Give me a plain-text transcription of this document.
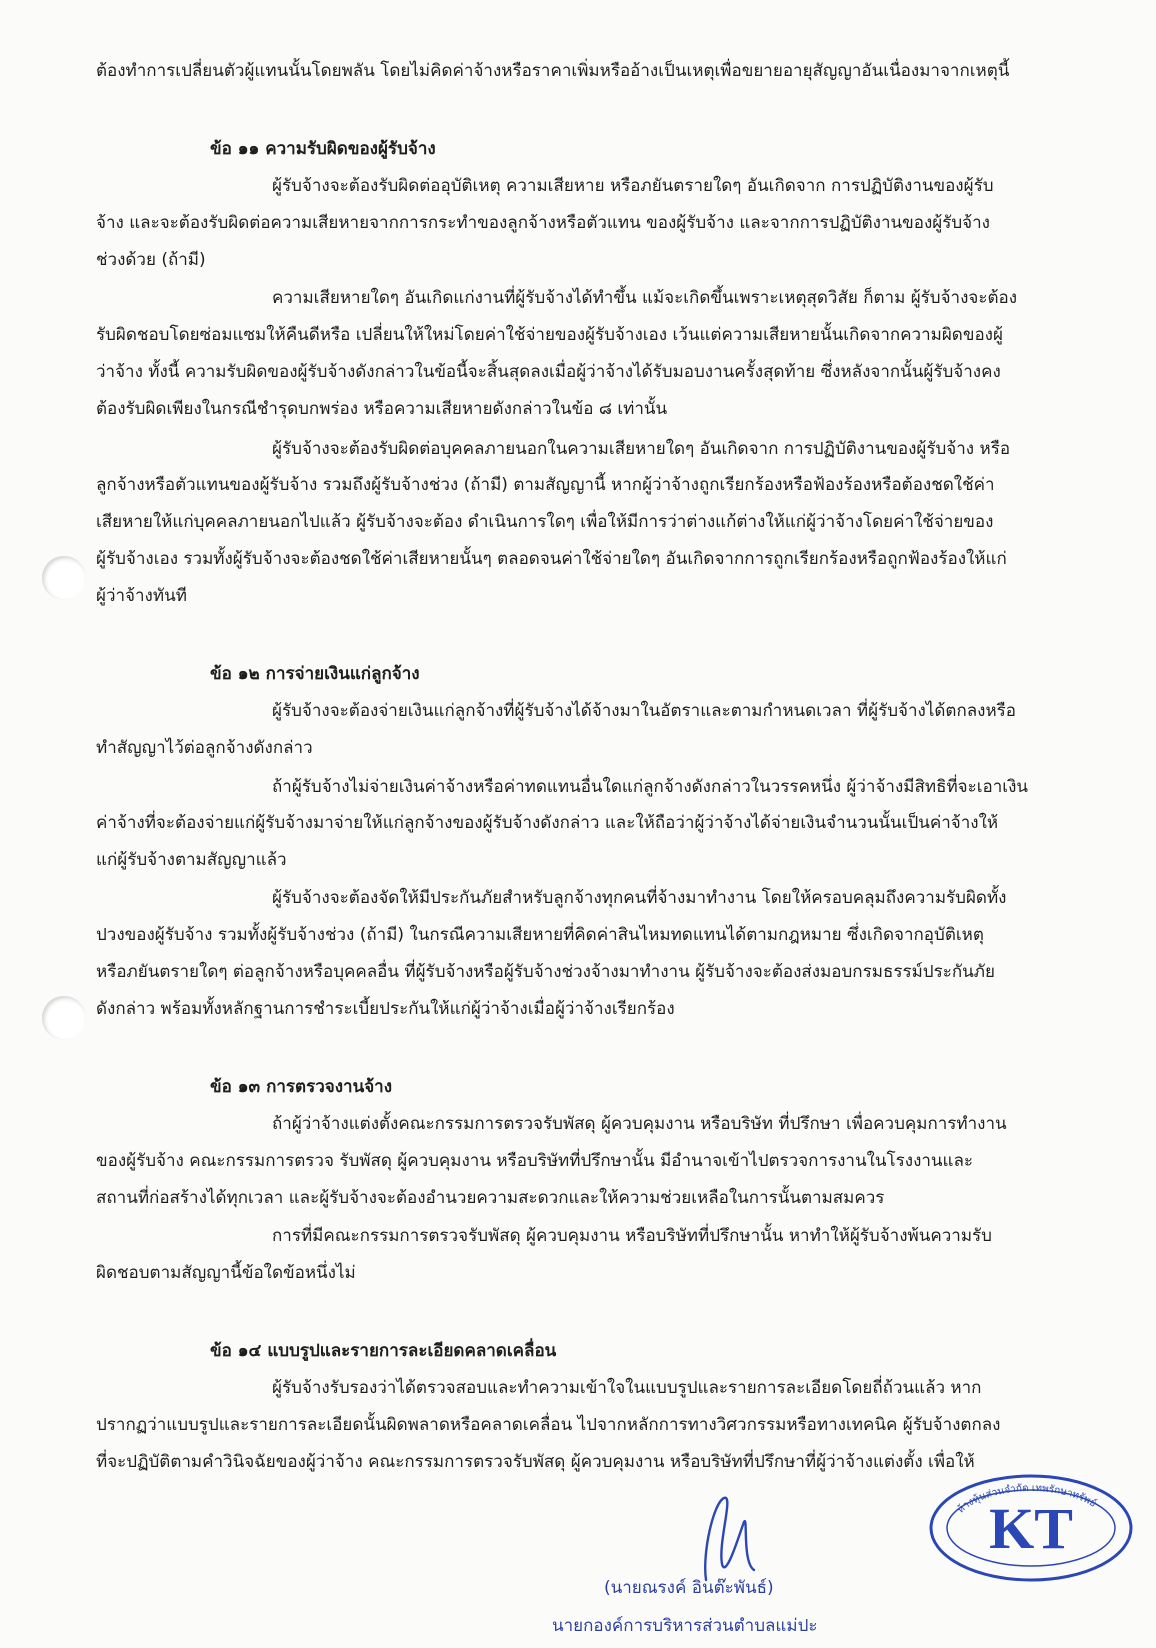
ต้องทำการเปลี่ยนตัวผู้แทนนั้นโดยพลัน โดยไม่คิดค่าจ้างหรือราคาเพิ่มหรืออ้างเป็นเหตุเพื่อขยายอายุสัญญาอันเนื่องมาจากเหตุนี้
ข้อ ๑๑ ความรับผิดของผู้รับจ้าง
ผู้รับจ้างจะต้องรับผิดต่ออุบัติเหตุ ความเสียหาย หรือภยันตรายใดๆ อันเกิดจาก การปฏิบัติงานของผู้รับ
จ้าง และจะต้องรับผิดต่อความเสียหายจากการกระทำของลูกจ้างหรือตัวแทน ของผู้รับจ้าง และจากการปฏิบัติงานของผู้รับจ้าง
ช่วงด้วย (ถ้ามี)
ความเสียหายใดๆ อันเกิดแก่งานที่ผู้รับจ้างได้ทำขึ้น แม้จะเกิดขึ้นเพราะเหตุสุดวิสัย ก็ตาม ผู้รับจ้างจะต้อง
รับผิดชอบโดยซ่อมแซมให้คืนดีหรือ เปลี่ยนให้ใหม่โดยค่าใช้จ่ายของผู้รับจ้างเอง เว้นแต่ความเสียหายนั้นเกิดจากความผิดของผู้
ว่าจ้าง ทั้งนี้ ความรับผิดของผู้รับจ้างดังกล่าวในข้อนี้จะสิ้นสุดลงเมื่อผู้ว่าจ้างได้รับมอบงานครั้งสุดท้าย ซึ่งหลังจากนั้นผู้รับจ้างคง
ต้องรับผิดเพียงในกรณีชำรุดบกพร่อง หรือความเสียหายดังกล่าวในข้อ ๘ เท่านั้น
ผู้รับจ้างจะต้องรับผิดต่อบุคคลภายนอกในความเสียหายใดๆ อันเกิดจาก การปฏิบัติงานของผู้รับจ้าง หรือ
ลูกจ้างหรือตัวแทนของผู้รับจ้าง รวมถึงผู้รับจ้างช่วง (ถ้ามี) ตามสัญญานี้ หากผู้ว่าจ้างถูกเรียกร้องหรือฟ้องร้องหรือต้องชดใช้ค่า
เสียหายให้แก่บุคคลภายนอกไปแล้ว ผู้รับจ้างจะต้อง ดำเนินการใดๆ เพื่อให้มีการว่าต่างแก้ต่างให้แก่ผู้ว่าจ้างโดยค่าใช้จ่ายของ
ผู้รับจ้างเอง รวมทั้งผู้รับจ้างจะต้องชดใช้ค่าเสียหายนั้นๆ ตลอดจนค่าใช้จ่ายใดๆ อันเกิดจากการถูกเรียกร้องหรือถูกฟ้องร้องให้แก่
ผู้ว่าจ้างทันที
ข้อ ๑๒ การจ่ายเงินแก่ลูกจ้าง
ผู้รับจ้างจะต้องจ่ายเงินแก่ลูกจ้างที่ผู้รับจ้างได้จ้างมาในอัตราและตามกำหนดเวลา ที่ผู้รับจ้างได้ตกลงหรือ
ทำสัญญาไว้ต่อลูกจ้างดังกล่าว
ถ้าผู้รับจ้างไม่จ่ายเงินค่าจ้างหรือค่าทดแทนอื่นใดแก่ลูกจ้างดังกล่าวในวรรคหนึ่ง ผู้ว่าจ้างมีสิทธิที่จะเอาเงิน
ค่าจ้างที่จะต้องจ่ายแก่ผู้รับจ้างมาจ่ายให้แก่ลูกจ้างของผู้รับจ้างดังกล่าว และให้ถือว่าผู้ว่าจ้างได้จ่ายเงินจำนวนนั้นเป็นค่าจ้างให้
แก่ผู้รับจ้างตามสัญญาแล้ว
ผู้รับจ้างจะต้องจัดให้มีประกันภัยสำหรับลูกจ้างทุกคนที่จ้างมาทำงาน โดยให้ครอบคลุมถึงความรับผิดทั้ง
ปวงของผู้รับจ้าง รวมทั้งผู้รับจ้างช่วง (ถ้ามี) ในกรณีความเสียหายที่คิดค่าสินไหมทดแทนได้ตามกฎหมาย ซึ่งเกิดจากอุบัติเหตุ
หรือภยันตรายใดๆ ต่อลูกจ้างหรือบุคคลอื่น ที่ผู้รับจ้างหรือผู้รับจ้างช่วงจ้างมาทำงาน ผู้รับจ้างจะต้องส่งมอบกรมธรรม์ประกันภัย
ดังกล่าว พร้อมทั้งหลักฐานการชำระเบี้ยประกันให้แก่ผู้ว่าจ้างเมื่อผู้ว่าจ้างเรียกร้อง
ข้อ ๑๓ การตรวจงานจ้าง
ถ้าผู้ว่าจ้างแต่งตั้งคณะกรรมการตรวจรับพัสดุ ผู้ควบคุมงาน หรือบริษัท ที่ปรึกษา เพื่อควบคุมการทำงาน
ของผู้รับจ้าง คณะกรรมการตรวจ รับพัสดุ ผู้ควบคุมงาน หรือบริษัทที่ปรึกษานั้น มีอำนาจเข้าไปตรวจการงานในโรงงานและ
สถานที่ก่อสร้างได้ทุกเวลา และผู้รับจ้างจะต้องอำนวยความสะดวกและให้ความช่วยเหลือในการนั้นตามสมควร
การที่มีคณะกรรมการตรวจรับพัสดุ ผู้ควบคุมงาน หรือบริษัทที่ปรึกษานั้น หาทำให้ผู้รับจ้างพ้นความรับ
ผิดชอบตามสัญญานี้ข้อใดข้อหนึ่งไม่
ข้อ ๑๔ แบบรูปและรายการละเอียดคลาดเคลื่อน
ผู้รับจ้างรับรองว่าได้ตรวจสอบและทำความเข้าใจในแบบรูปและรายการละเอียดโดยถี่ถ้วนแล้ว หาก
ปรากฏว่าแบบรูปและรายการละเอียดนั้นผิดพลาดหรือคลาดเคลื่อน ไปจากหลักการทางวิศวกรรมหรือทางเทคนิค ผู้รับจ้างตกลง
ที่จะปฏิบัติตามคำวินิจฉัยของผู้ว่าจ้าง คณะกรรมการตรวจรับพัสดุ ผู้ควบคุมงาน หรือบริษัทที่ปรึกษาที่ผู้ว่าจ้างแต่งตั้ง เพื่อให้
KT
ห้างหุ้นส่วนจำกัด เทพรักษาทรัพย์
(นายณรงค์ อินต๊ะพันธ์)
นายกองค์การบริหารส่วนตำบลแม่ปะ
